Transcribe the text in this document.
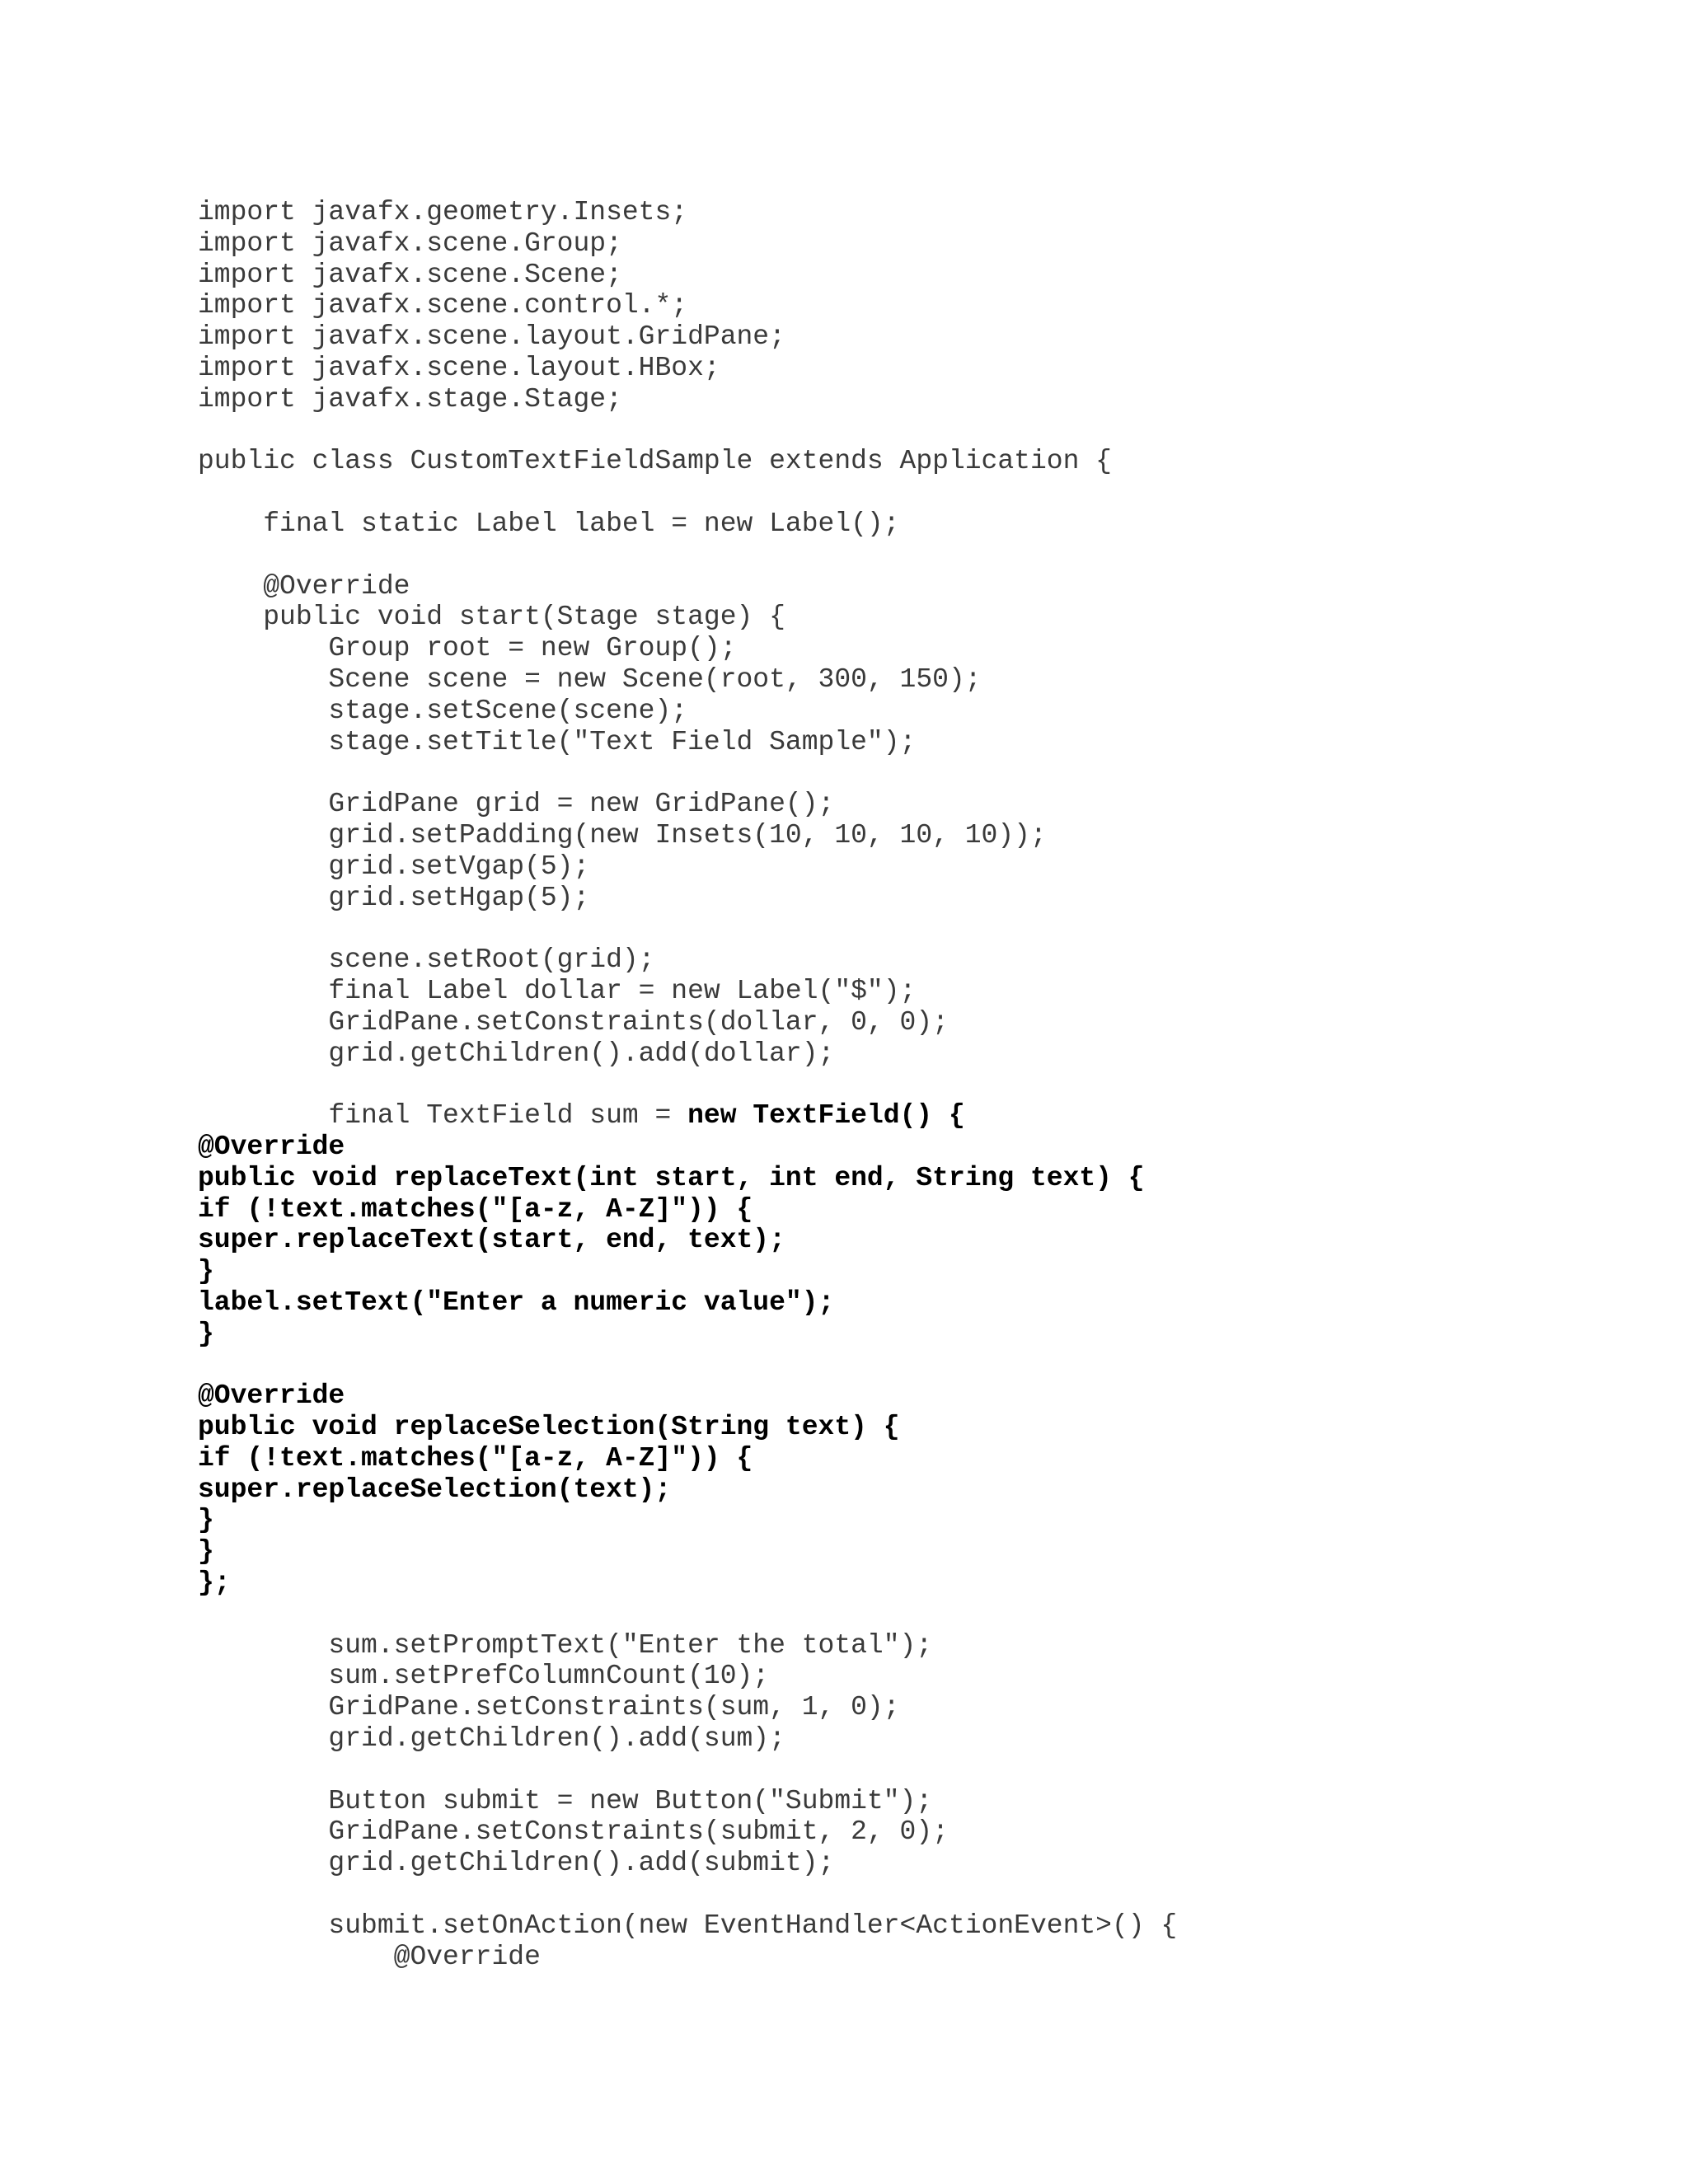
import javafx.geometry.Insets;
import javafx.scene.Group;
import javafx.scene.Scene;
import javafx.scene.control.*;
import javafx.scene.layout.GridPane;
import javafx.scene.layout.HBox;
import javafx.stage.Stage;
public class CustomTextFieldSample extends Application {
final static Label label = new Label();
@Override
public void start(Stage stage) {
Group root = new Group();
Scene scene = new Scene(root, 300, 150);
stage.setScene(scene);
stage.setTitle("Text Field Sample");
GridPane grid = new GridPane();
grid.setPadding(new Insets(10, 10, 10, 10));
grid.setVgap(5);
grid.setHgap(5);
scene.setRoot(grid);
final Label dollar = new Label("$");
GridPane.setConstraints(dollar, 0, 0);
grid.getChildren().add(dollar);
final TextField sum = new TextField() {
@Override
public void replaceText(int start, int end, String text) {
if (!text.matches("[a-z, A-Z]")) {
super.replaceText(start, end, text);
}
label.setText("Enter a numeric value");
}
@Override
public void replaceSelection(String text) {
if (!text.matches("[a-z, A-Z]")) {
super.replaceSelection(text);
}
}
};
sum.setPromptText("Enter the total");
sum.setPrefColumnCount(10);
GridPane.setConstraints(sum, 1, 0);
grid.getChildren().add(sum);
Button submit = new Button("Submit");
GridPane.setConstraints(submit, 2, 0);
grid.getChildren().add(submit);
submit.setOnAction(new EventHandler<ActionEvent>() {
@Override
